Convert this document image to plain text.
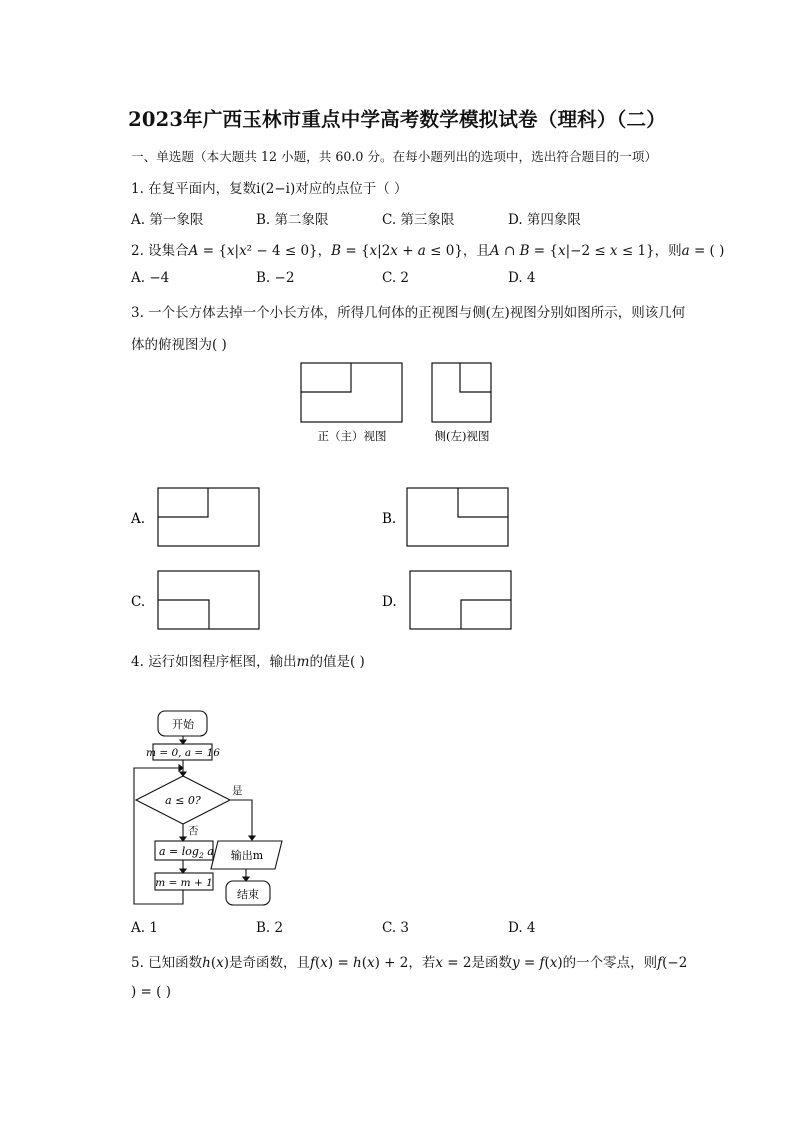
2023年广西玉林市重点中学高考数学模拟试卷（理科）（二）
一、单选题（本大题共 12 小题，共 60.0 分。在每小题列出的选项中，选出符合题目的一项）
1. 在复平面内，复数i(2−i)对应的点位于（ ）
A. 第一象限	B. 第二象限	C. 第三象限	D. 第四象限
2. 设集合𝐴 = {𝑥|𝑥² − 4 ≤ 0}，𝐵 = {𝑥|2𝑥 + 𝑎 ≤ 0}，且𝐴 ∩ 𝐵 = {𝑥|−2 ≤ 𝑥 ≤ 1}，则𝑎 = ( )
A. −4	B. −2	C. 2	D. 4
3. 一个长方体去掉一个小长方体，所得几何体的正视图与侧(左)视图分别如图所示，则该几何
体的俯视图为( )
正（主）视图	侧(左)视图
A.	B.
C.	D.
开始
m = 0, a = 16
a ≤ 0?
是
否
$a = \log_2 a$
m = m + 1
输出m
结束
4. 运行如图程序框图，输出𝑚的值是( )
A. 1	B. 2	C. 3	D. 4
5. 已知函数ℎ(𝑥)是奇函数，且𝑓(𝑥) = ℎ(𝑥) + 2，若𝑥 = 2是函数𝑦 = 𝑓(𝑥)的一个零点，则𝑓(−2
) = ( )
